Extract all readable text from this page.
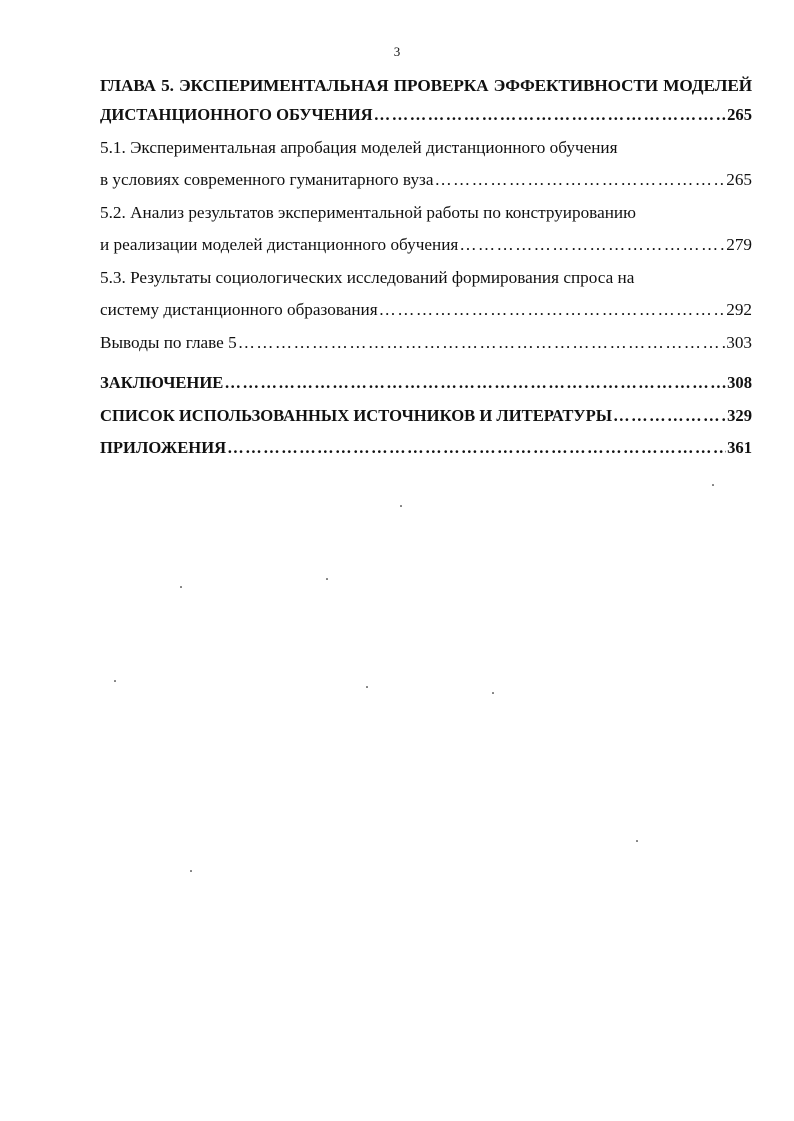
3
ГЛАВА 5. ЭКСПЕРИМЕНТАЛЬНАЯ ПРОВЕРКА ЭФФЕКТИВНОСТИ МОДЕЛЕЙ
ДИСТАНЦИОННОГО ОБУЧЕНИЯ ………………………………………………………………………………………………………………………………………………………………………	265
5.1. Экспериментальная апробация моделей дистанционного обучения
в условиях современного гуманитарного вуза ………………………………………………………………………………………………………………………………………………………………………	265
5.2. Анализ результатов экспериментальной работы по конструированию
и реализации моделей дистанционного обучения ………………………………………………………………………………………………………………………………………………………………………	279
5.3. Результаты социологических исследований формирования спроса на
систему дистанционного образования ………………………………………………………………………………………………………………………………………………………………………	292
Выводы по главе 5 ………………………………………………………………………………………………………………………………………………………………………	303
ЗАКЛЮЧЕНИЕ ………………………………………………………………………………………………………………………………………………………………………	308
СПИСОК ИСПОЛЬЗОВАННЫХ ИСТОЧНИКОВ И ЛИТЕРАТУРЫ ………………………………………………………………………………………………………………………………………………………………………	329
ПРИЛОЖЕНИЯ ………………………………………………………………………………………………………………………………………………………………………	361
